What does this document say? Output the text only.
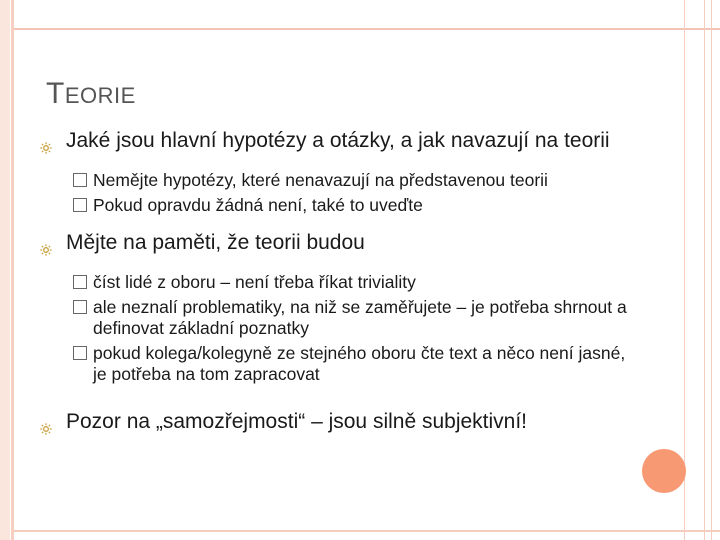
TEORIE
Jaké jsou hlavní hypotézy a otázky, a jak navazují na teorii
Nemějte hypotézy, které nenavazují na představenou teorii
Pokud opravdu žádná není, také to uveďte
Mějte na paměti, že teorii budou
číst lidé z oboru – není třeba říkat triviality
ale neznalí problematiky, na niž se zaměřujete – je potřeba shrnout a definovat základní poznatky
pokud kolega/kolegyně ze stejného oboru čte text a něco není jasné, je potřeba na tom zapracovat
Pozor na „samozřejmosti“ – jsou silně subjektivní!
